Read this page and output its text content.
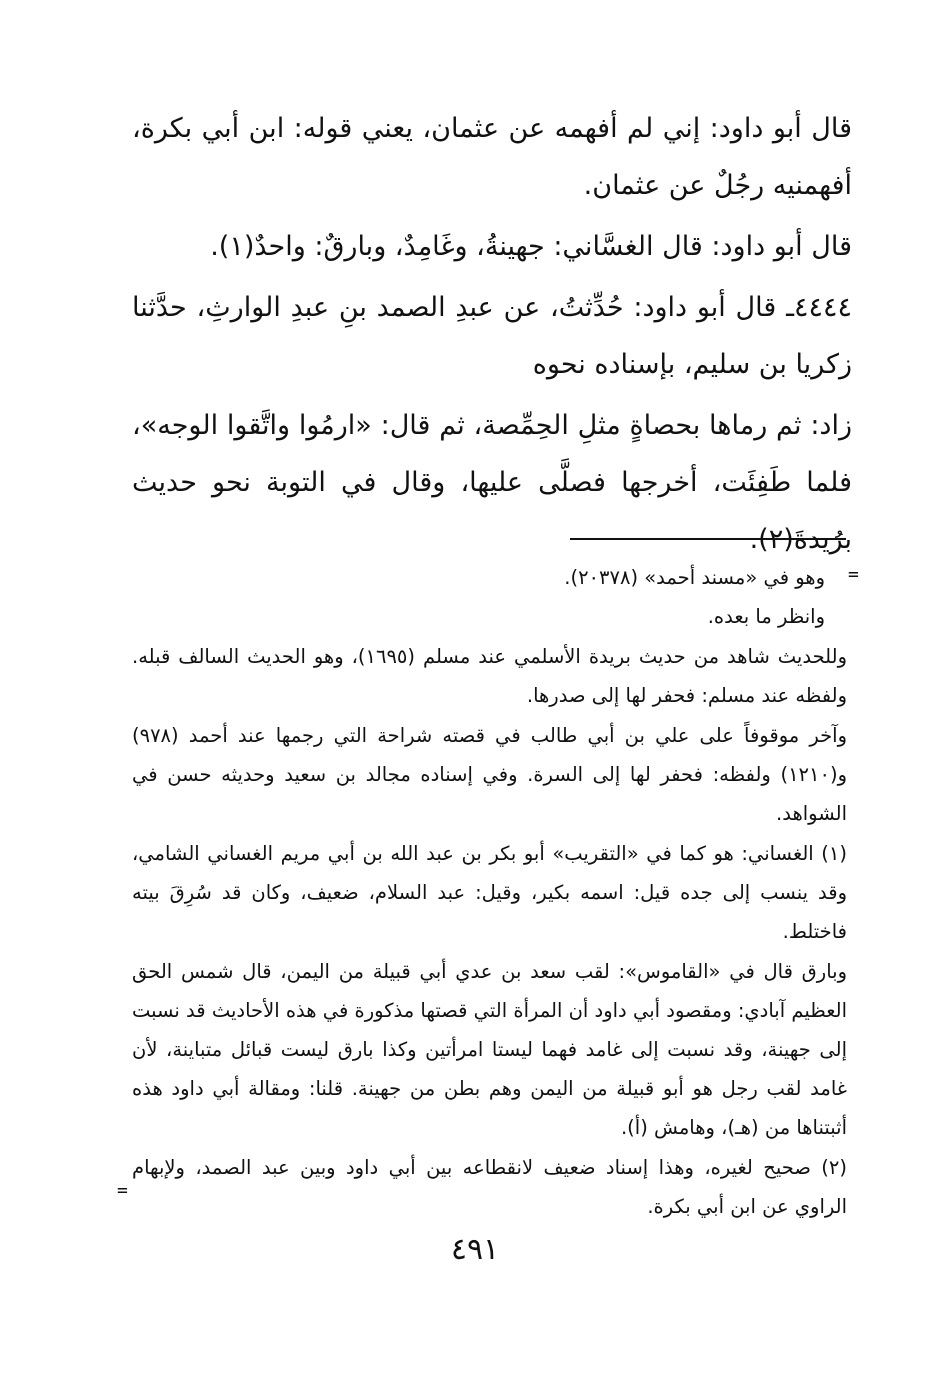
قال أبو داود: إني لم أفهمه عن عثمان، يعني قوله: ابن أبي بكرة، أفهمنيه رجُلٌ عن عثمان.

قال أبو داود: قال الغسَّاني: جهينةُ، وغَامِدٌ، وبارقٌ: واحدٌ(١).

٤٤٤٤ـ قال أبو داود: حُدِّثتُ، عن عبدِ الصمد بنِ عبدِ الوارثِ، حدَّثنا زكريا بن سليم، بإسناده نحوه

زاد: ثم رماها بحصاةٍ مثلِ الحِمِّصة، ثم قال: «ارمُوا واتَّقوا الوجه»، فلما طَفِئَت، أخرجها فصلَّى عليها، وقال في التوبة نحو حديث برُيدةَ(٢).

=

وهو في «مسند أحمد» (٢٠٣٧٨).

وانظر ما بعده.

وللحديث شاهد من حديث بريدة الأسلمي عند مسلم (١٦٩٥)، وهو الحديث السالف قبله. ولفظه عند مسلم: فحفر لها إلى صدرها.

وآخر موقوفاً على علي بن أبي طالب في قصته شراحة التي رجمها عند أحمد (٩٧٨) و(١٢١٠) ولفظه: فحفر لها إلى السرة. وفي إسناده مجالد بن سعيد وحديثه حسن في الشواهد.

(١) الغساني: هو كما في «التقريب» أبو بكر بن عبد الله بن أبي مريم الغساني الشامي، وقد ينسب إلى جده قيل: اسمه بكير، وقيل: عبد السلام، ضعيف، وكان قد سُرِقَ بيته فاختلط.

وبارق قال في «القاموس»: لقب سعد بن عدي أبي قبيلة من اليمن، قال شمس الحق العظيم آبادي: ومقصود أبي داود أن المرأة التي قصتها مذكورة في هذه الأحاديث قد نسبت إلى جهينة، وقد نسبت إلى غامد فهما ليستا امرأتين وكذا بارق ليست قبائل متباينة، لأن غامد لقب رجل هو أبو قبيلة من اليمن وهم بطن من جهينة. قلنا: ومقالة أبي داود هذه أثبتناها من (هـ)، وهامش (أ).

(٢) صحيح لغيره، وهذا إسناد ضعيف لانقطاعه بين أبي داود وبين عبد الصمد، ولإبهام الراوي عن ابن أبي بكرة.

=
٤٩١
